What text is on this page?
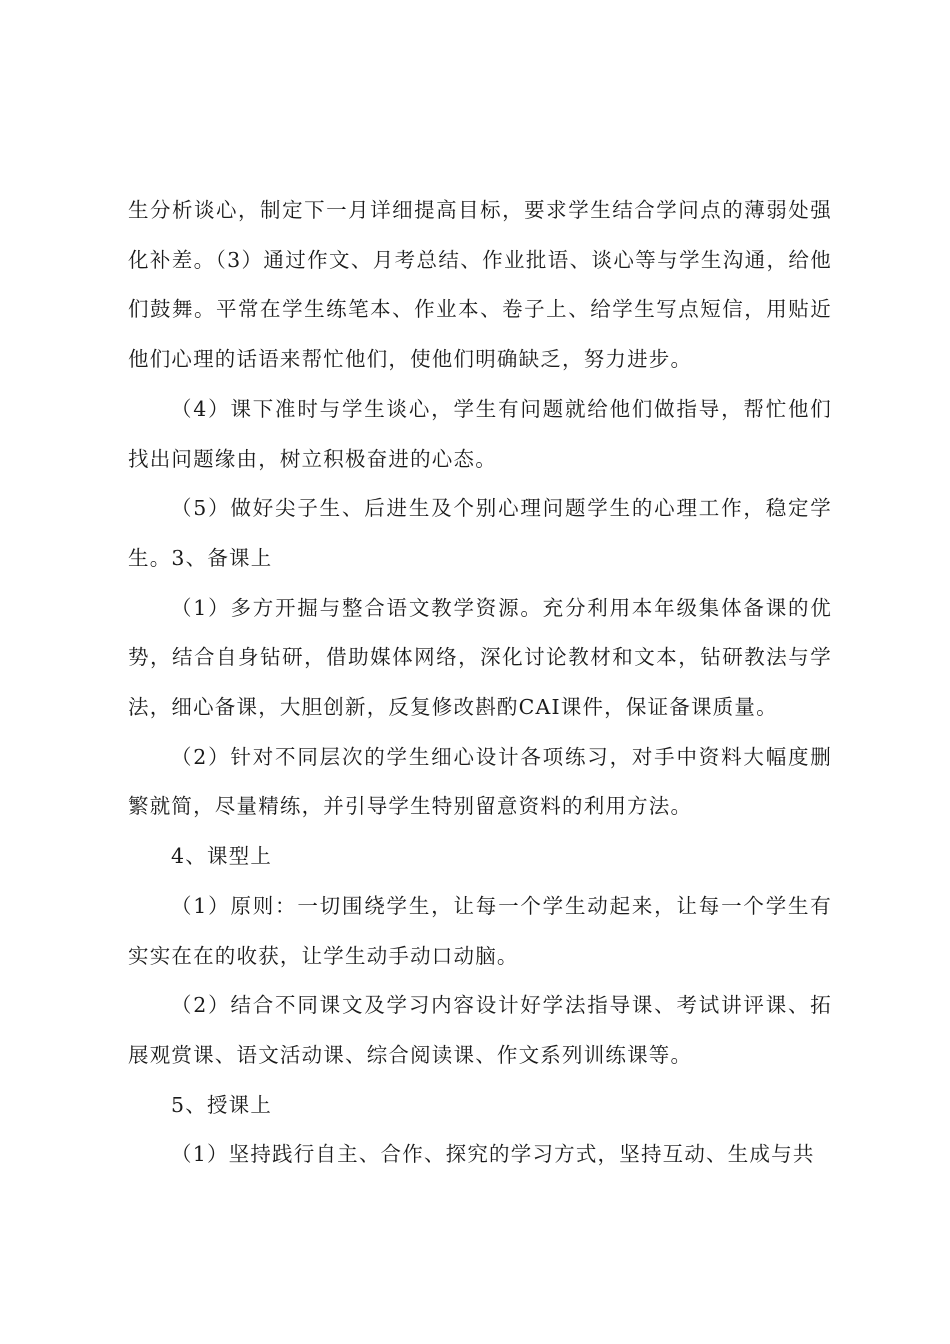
生分析谈心，制定下一月详细提高目标，要求学生结合学问点的薄弱处强化补差。（3）通过作文、月考总结、作业批语、谈心等与学生沟通，给他们鼓舞。平常在学生练笔本、作业本、卷子上、给学生写点短信，用贴近他们心理的话语来帮忙他们，使他们明确缺乏，努力进步。

（4）课下准时与学生谈心，学生有问题就给他们做指导，帮忙他们找出问题缘由，树立积极奋进的心态。

（5）做好尖子生、后进生及个别心理问题学生的心理工作，稳定学生。3、备课上

（1）多方开掘与整合语文教学资源。充分利用本年级集体备课的优势，结合自身钻研，借助媒体网络，深化讨论教材和文本，钻研教法与学法，细心备课，大胆创新，反复修改斟酌CAI课件，保证备课质量。

（2）针对不同层次的学生细心设计各项练习，对手中资料大幅度删繁就简，尽量精练，并引导学生特别留意资料的利用方法。

4、课型上

（1）原则：一切围绕学生，让每一个学生动起来，让每一个学生有实实在在的收获，让学生动手动口动脑。

（2）结合不同课文及学习内容设计好学法指导课、考试讲评课、拓展观赏课、语文活动课、综合阅读课、作文系列训练课等。

5、授课上

（1）坚持践行自主、合作、探究的学习方式，坚持互动、生成与共
